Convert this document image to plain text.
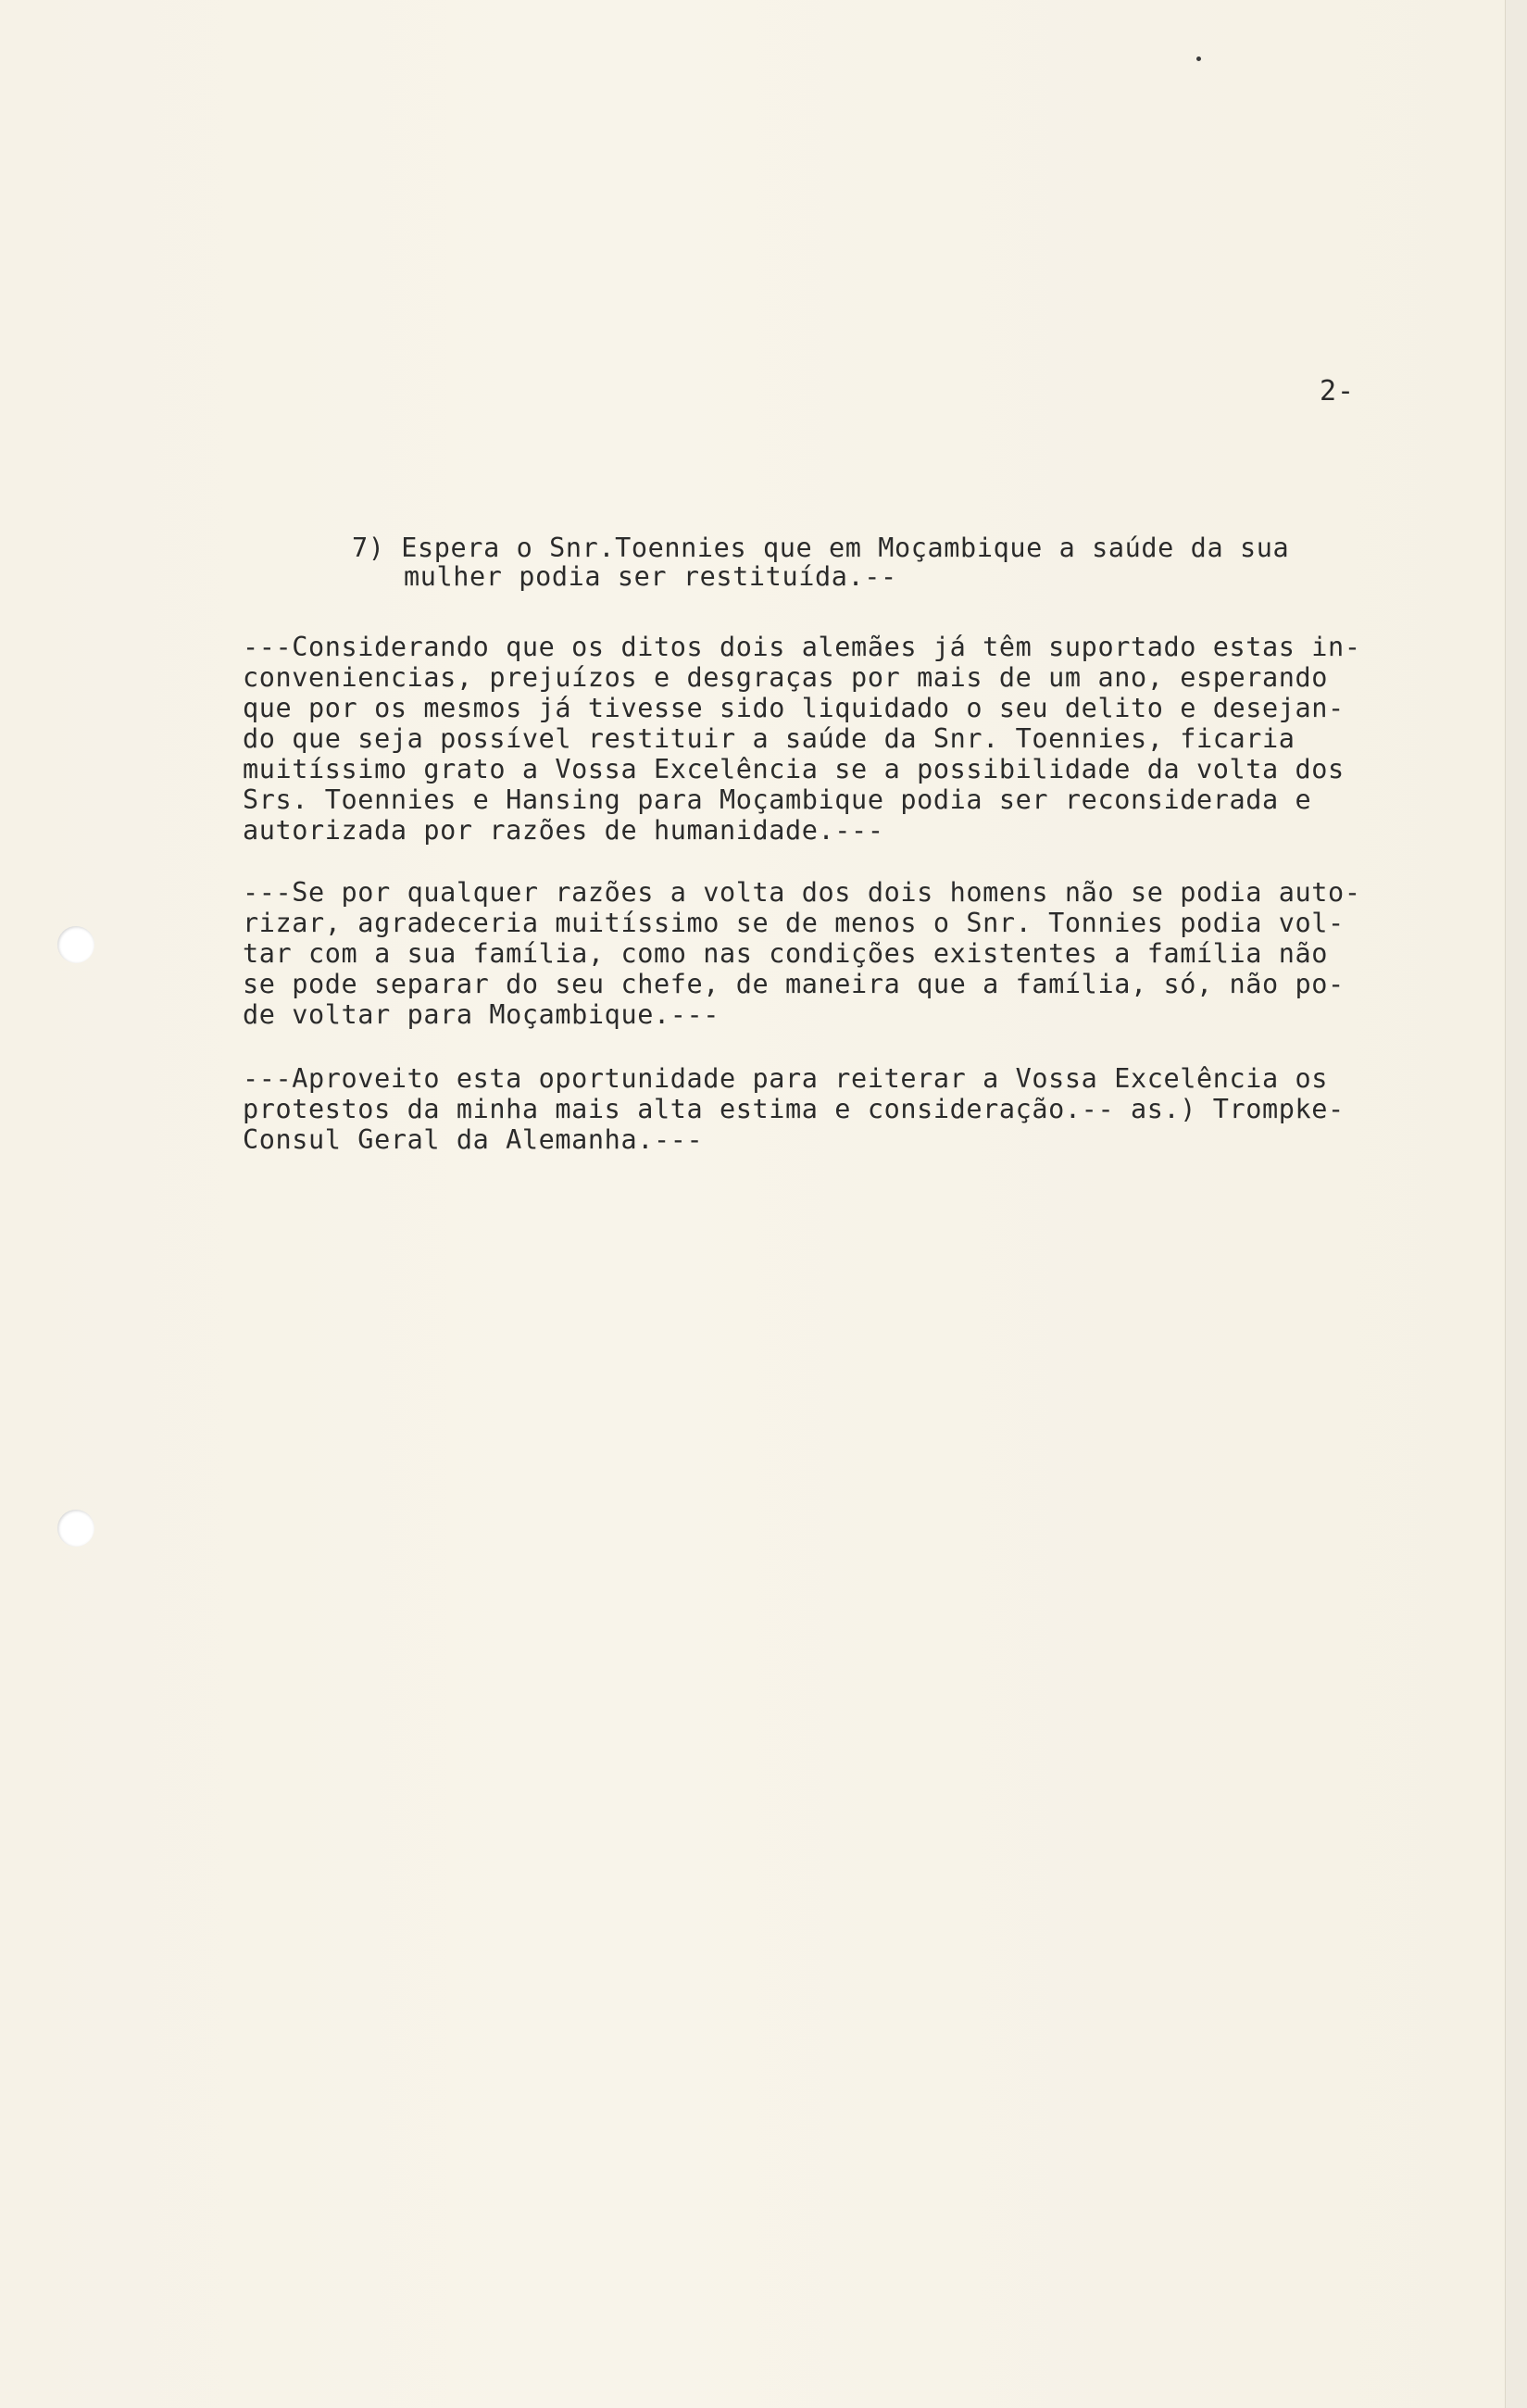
2-

7) Espera o Snr.Toennies que em Moçambique a saúde da sua

mulher podia ser restituída.--

---Considerando que os ditos dois alemães já têm suportado estas in-

conveniencias, prejuízos e desgraças por mais de um ano, esperando

que por os mesmos já tivesse sido liquidado o seu delito e desejan-

do que seja possível restituir a saúde da Snr. Toennies, ficaria

muitíssimo grato a Vossa Excelência se a possibilidade da volta dos

Srs. Toennies e Hansing para Moçambique podia ser reconsiderada e

autorizada por razões de humanidade.---

---Se por qualquer razões a volta dos dois homens não se podia auto-

rizar, agradeceria muitíssimo se de menos o Snr. Tonnies podia vol-

tar com a sua família, como nas condições existentes a família não

se pode separar do seu chefe, de maneira que a família, só, não po-

de voltar para Moçambique.---

---Aproveito esta oportunidade para reiterar a Vossa Excelência os

protestos da minha mais alta estima e consideração.-- as.) Trompke-

Consul Geral da Alemanha.---
